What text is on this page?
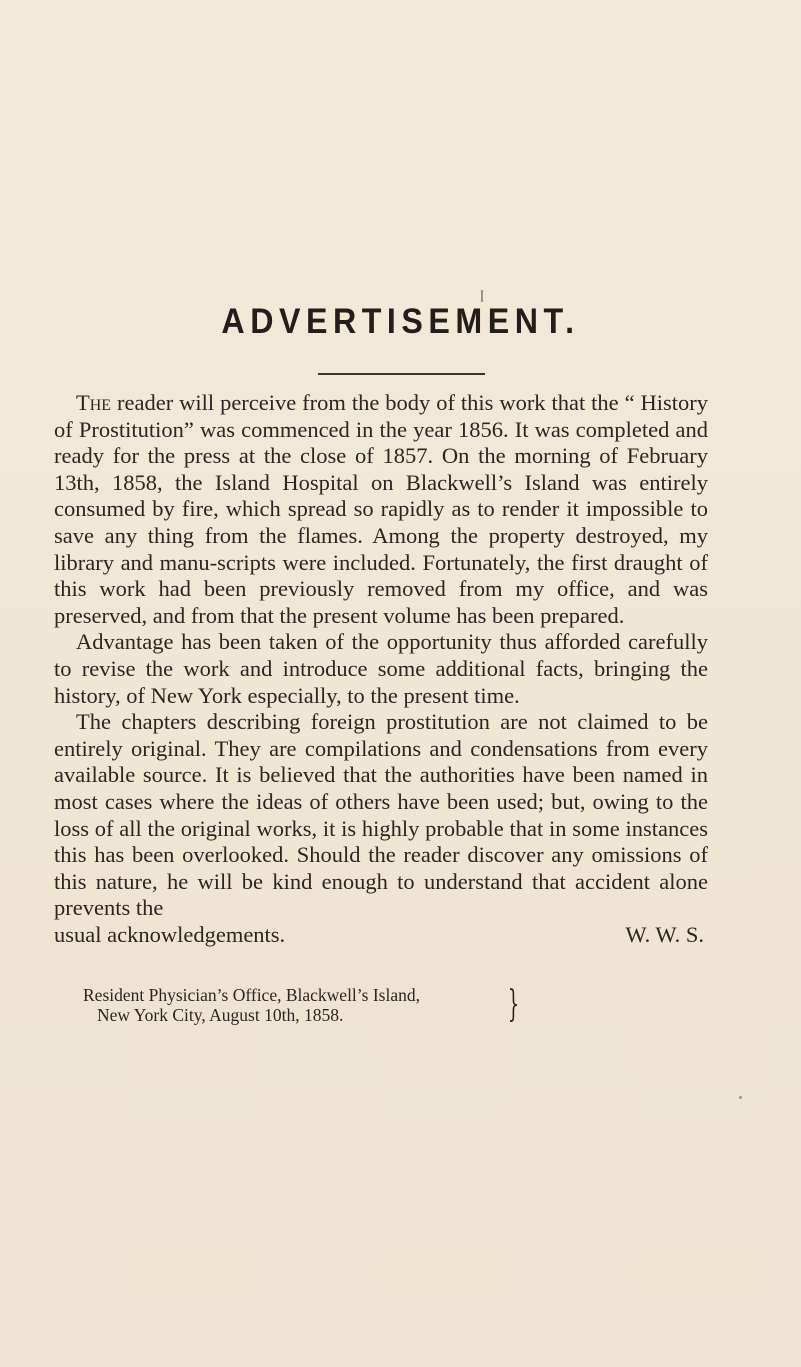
ADVERTISEMENT.

The reader will perceive from the body of this work that the “ History of Prostitution” was commenced in the year 1856. It was completed and ready for the press at the close of 1857. On the morning of February 13th, 1858, the Island Hospital on Blackwell’s Island was entirely consumed by fire, which spread so rapidly as to render it impossible to save any thing from the flames. Among the property destroyed, my library and manu-scripts were included. Fortunately, the first draught of this work had been previously removed from my office, and was preserved, and from that the present volume has been prepared.

Advantage has been taken of the opportunity thus afforded carefully to revise the work and introduce some additional facts, bringing the history, of New York especially, to the present time.

The chapters describing foreign prostitution are not claimed to be entirely original. They are compilations and condensations from every available source. It is believed that the authorities have been named in most cases where the ideas of others have been used; but, owing to the loss of all the original works, it is highly probable that in some instances this has been overlooked. Should the reader discover any omissions of this nature, he will be kind enough to understand that accident alone prevents the

usual acknowledgements.	W. W. S.

Resident Physician’s Office, Blackwell’s Island,
New York City, August 10th, 1858.	}
